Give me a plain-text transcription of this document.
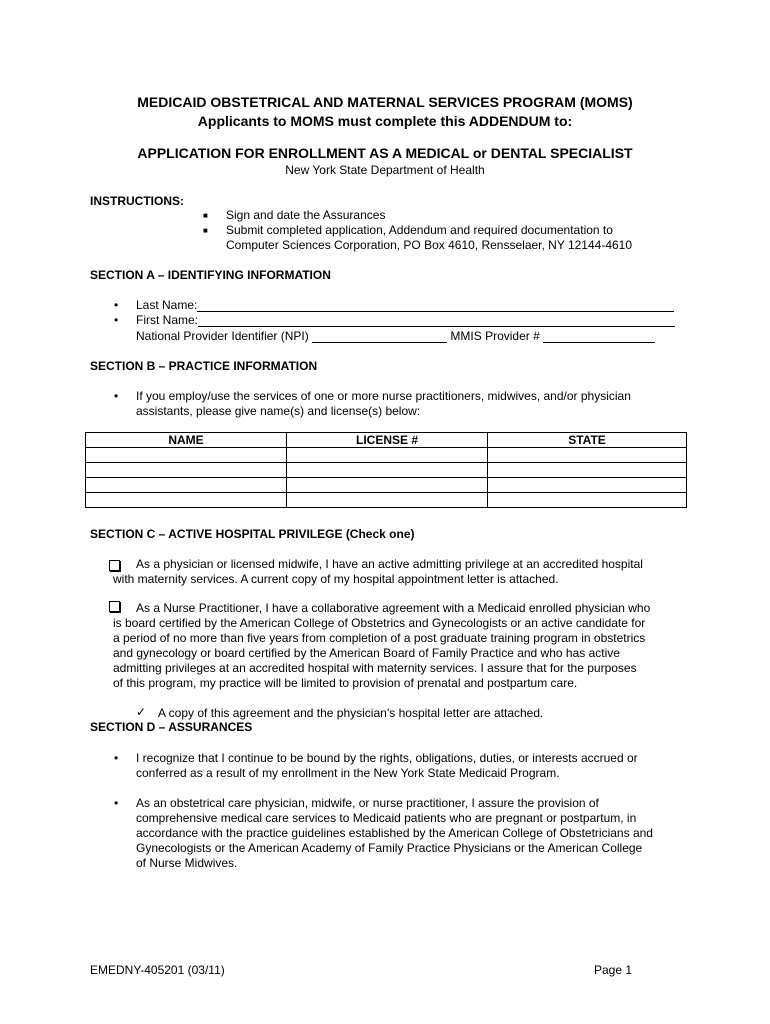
MEDICAID OBSTETRICAL AND MATERNAL SERVICES PROGRAM (MOMS)
Applicants to MOMS must complete this ADDENDUM to:
APPLICATION FOR ENROLLMENT AS A MEDICAL or DENTAL SPECIALIST
New York State Department of Health
INSTRUCTIONS:
■ Sign and date the Assurances
■ Submit completed application, Addendum and required documentation to
Computer Sciences Corporation, PO Box 4610, Rensselaer, NY 12144-4610
SECTION A – IDENTIFYING INFORMATION
• Last Name:
• First Name:
National Provider Identifier (NPI)	MMIS Provider #
SECTION B – PRACTICE INFORMATION
• If you employ/use the services of one or more nurse practitioners, midwives, and/or physician
assistants, please give name(s) and license(s) below:
NAME	LICENSE #	STATE

SECTION C – ACTIVE HOSPITAL PRIVILEGE (Check one)
As a physician or licensed midwife, I have an active admitting privilege at an accredited hospital
with maternity services. A current copy of my hospital appointment letter is attached.
As a Nurse Practitioner, I have a collaborative agreement with a Medicaid enrolled physician who
is board certified by the American College of Obstetrics and Gynecologists or an active candidate for
a period of no more than five years from completion of a post graduate training program in obstetrics
and gynecology or board certified by the American Board of Family Practice and who has active
admitting privileges at an accredited hospital with maternity services. I assure that for the purposes
of this program, my practice will be limited to provision of prenatal and postpartum care.
✓ A copy of this agreement and the physician’s hospital letter are attached.
SECTION D – ASSURANCES
• I recognize that I continue to be bound by the rights, obligations, duties, or interests accrued or
conferred as a result of my enrollment in the New York State Medicaid Program.
• As an obstetrical care physician, midwife, or nurse practitioner, I assure the provision of
comprehensive medical care services to Medicaid patients who are pregnant or postpartum, in
accordance with the practice guidelines established by the American College of Obstetricians and
Gynecologists or the American Academy of Family Practice Physicians or the American College
of Nurse Midwives.
EMEDNY-405201 (03/11)	Page 1
